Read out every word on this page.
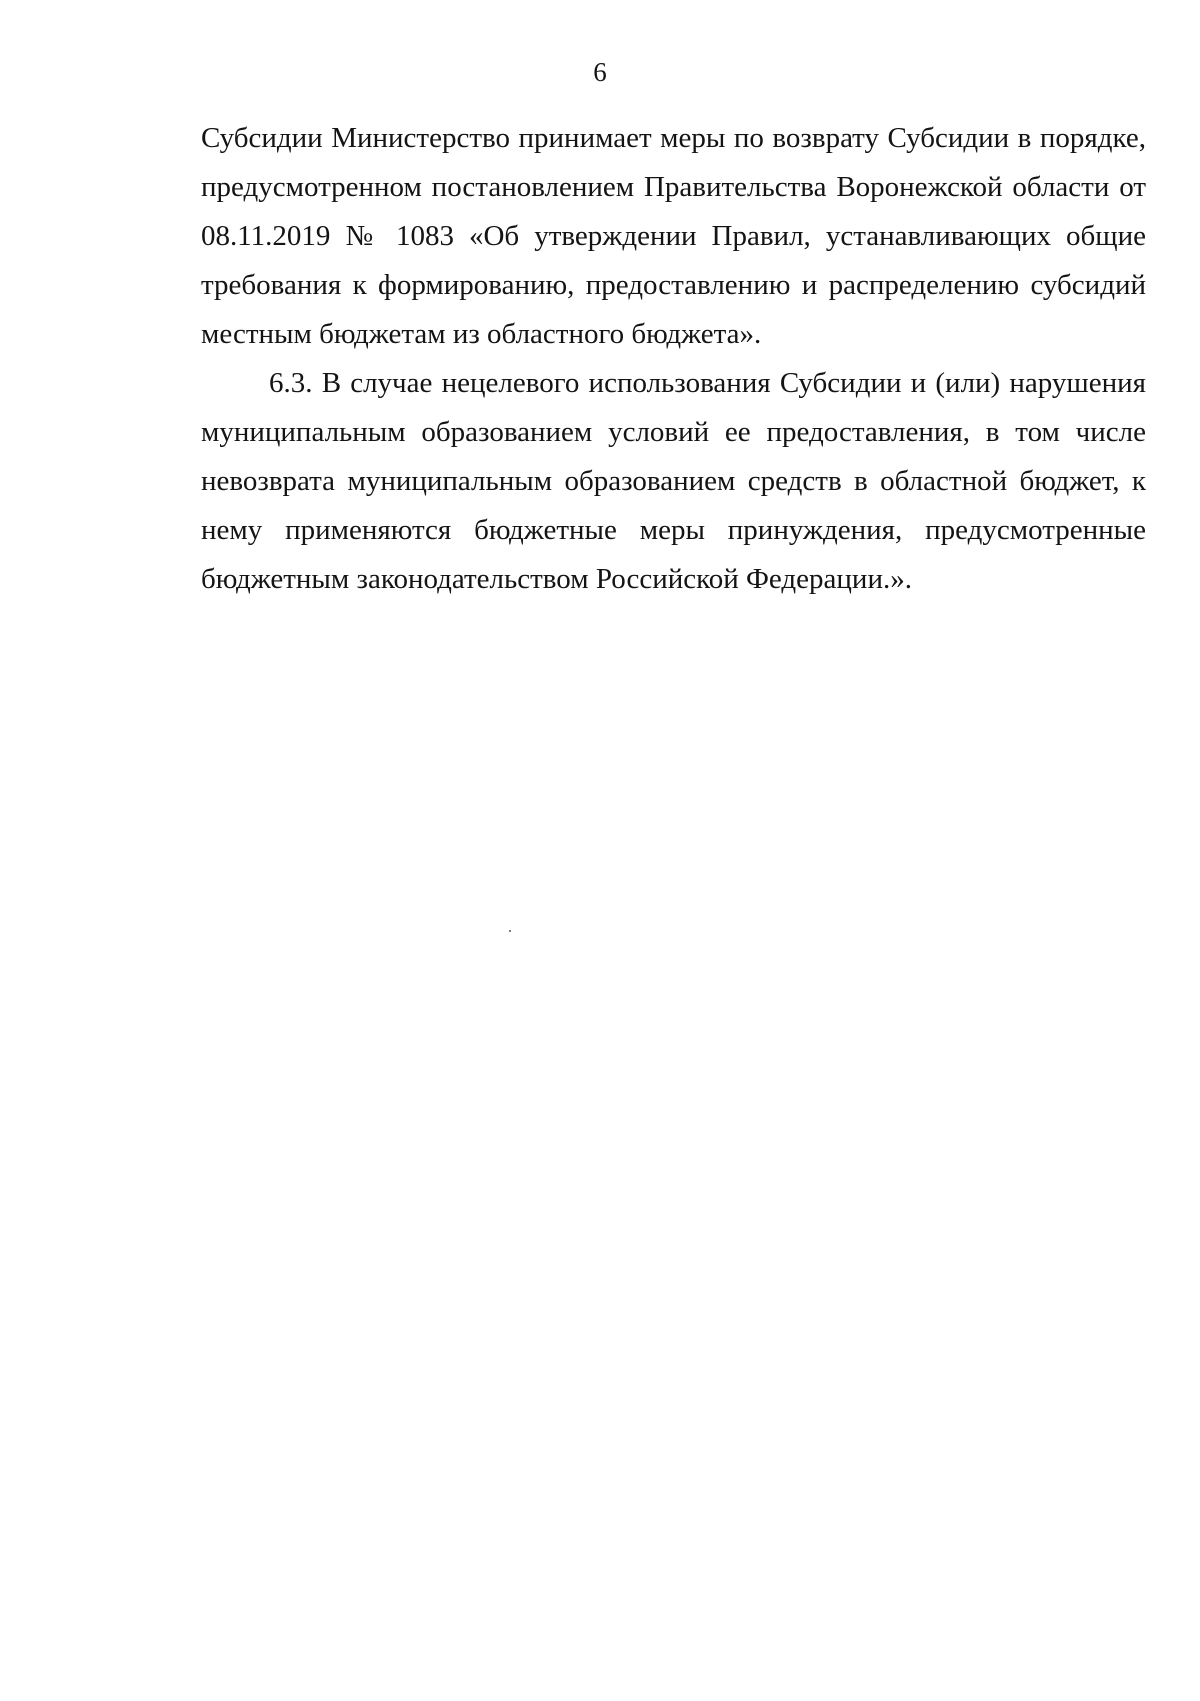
6

Субсидии Министерство принимает меры по возврату Субсидии в порядке, предусмотренном постановлением Правительства Воронежской области от 08.11.2019 № 1083 «Об утверждении Правил, устанавливающих общие требования к формированию, предоставлению и распределению субсидий местным бюджетам из областного бюджета».

6.3. В случае нецелевого использования Субсидии и (или) нарушения муниципальным образованием условий ее предоставления, в том числе невозврата муниципальным образованием средств в областной бюджет, к нему применяются бюджетные меры принуждения, предусмотренные бюджетным законодательством Российской Федерации.».
